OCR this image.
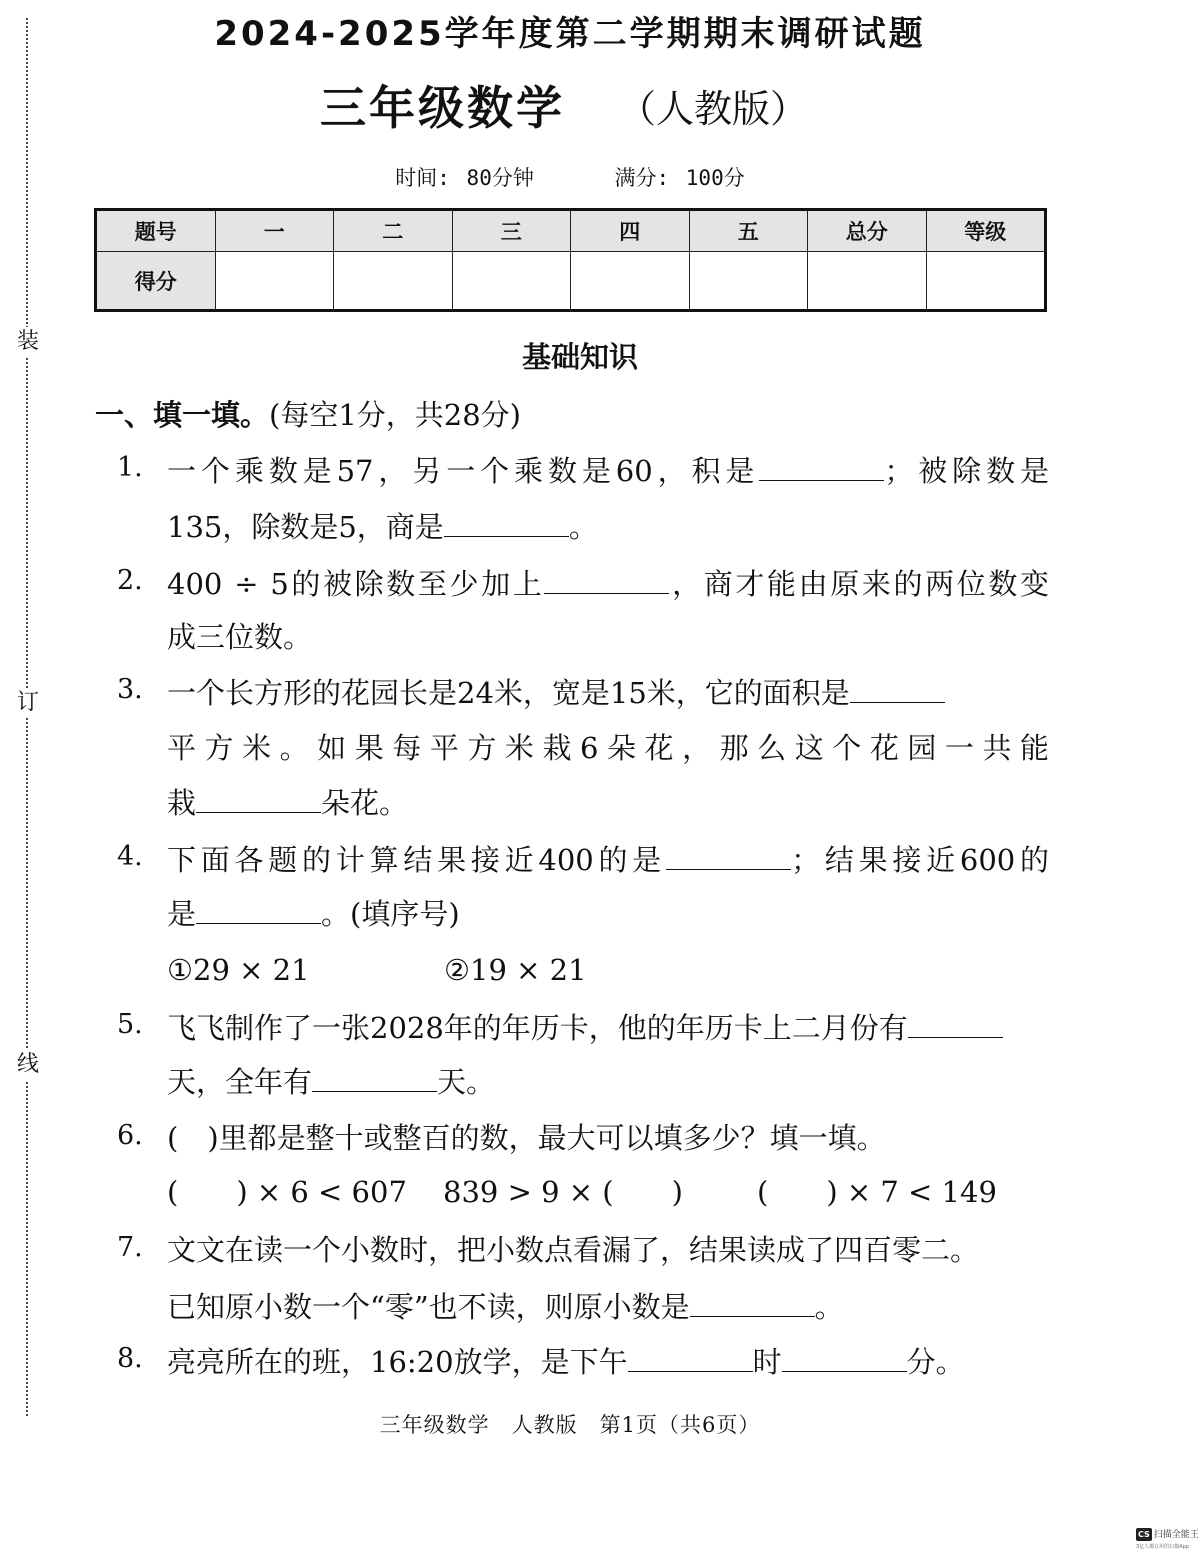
装
订
线
2024-2025学年度第二学期期末调研试题
三年级数学 （人教版）
时间: 80分钟	满分: 100分
题号	一	二	三	四	五	总分	等级
得分							
基础知识
一、填一填。(每空1分，共28分)
1. 一个乘数是57，另一个乘数是60，积是	；被除数是
135，除数是5，商是	。
2. 400 ÷ 5的被除数至少加上	，商才能由原来的两位数变
成三位数。
3. 一个长方形的花园长是24米，宽是15米，它的面积是
平方米。如果每平方米栽6朵花，那么这个花园一共能
栽	朵花。
4. 下面各题的计算结果接近400的是	；结果接近600的
是	。(填序号)
①29 × 21	②19 × 21
5. 飞飞制作了一张2028年的年历卡，他的年历卡上二月份有
天，全年有	天。
6. (　)里都是整十或整百的数，最大可以填多少？填一填。
(　　) × 6 < 607 839 > 9 × (　　)	(　　) × 7 < 149
7. 文文在读一个小数时，把小数点看漏了，结果读成了四百零二。
已知原小数一个“零”也不读，则原小数是	。
8. 亮亮所在的班，16:20放学，是下午	时	分。
三年级数学　人教版　第1页（共6页）
CS 扫描全能王
3亿人都在用的扫描App
